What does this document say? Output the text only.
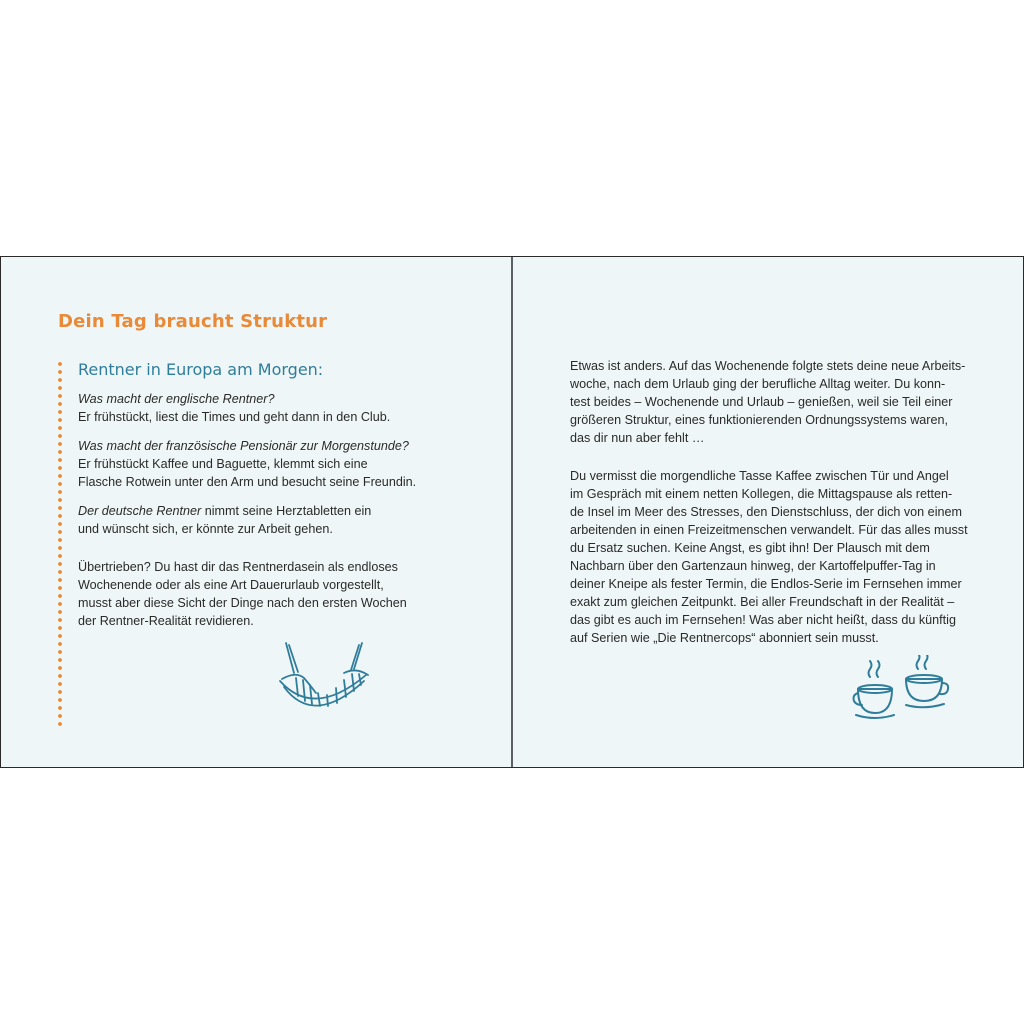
Dein Tag braucht Struktur
Rentner in Europa am Morgen:

Was macht der englische Rentner?
Er frühstückt, liest die Times und geht dann in den Club.

Was macht der französische Pensionär zur Morgenstunde?
Er frühstückt Kaffee und Baguette, klemmt sich eine
Flasche Rotwein unter den Arm und besucht seine Freundin.

Der deutsche Rentner nimmt seine Herztabletten ein
und wünscht sich, er könnte zur Arbeit gehen.

Übertrieben? Du hast dir das Rentnerdasein als endloses
Wochenende oder als eine Art Dauerurlaub vorgestellt,
musst aber diese Sicht der Dinge nach den ersten Wochen
der Rentner-Realität revidieren.

Etwas ist anders. Auf das Wochenende folgte stets deine neue Arbeits-
woche, nach dem Urlaub ging der berufliche Alltag weiter. Du konn-
test beides – Wochenende und Urlaub – genießen, weil sie Teil einer
größeren Struktur, eines funktionierenden Ordnungssystems waren,
das dir nun aber fehlt …

Du vermisst die morgendliche Tasse Kaffee zwischen Tür und Angel
im Gespräch mit einem netten Kollegen, die Mittagspause als retten-
de Insel im Meer des Stresses, den Dienstschluss, der dich von einem
arbeitenden in einen Freizeitmenschen verwandelt. Für das alles musst
du Ersatz suchen. Keine Angst, es gibt ihn! Der Plausch mit dem
Nachbarn über den Gartenzaun hinweg, der Kartoffelpuffer-Tag in
deiner Kneipe als fester Termin, die Endlos-Serie im Fernsehen immer
exakt zum gleichen Zeitpunkt. Bei aller Freundschaft in der Realität –
das gibt es auch im Fernsehen! Was aber nicht heißt, dass du künftig
auf Serien wie „Die Rentnercops“ abonniert sein musst.
